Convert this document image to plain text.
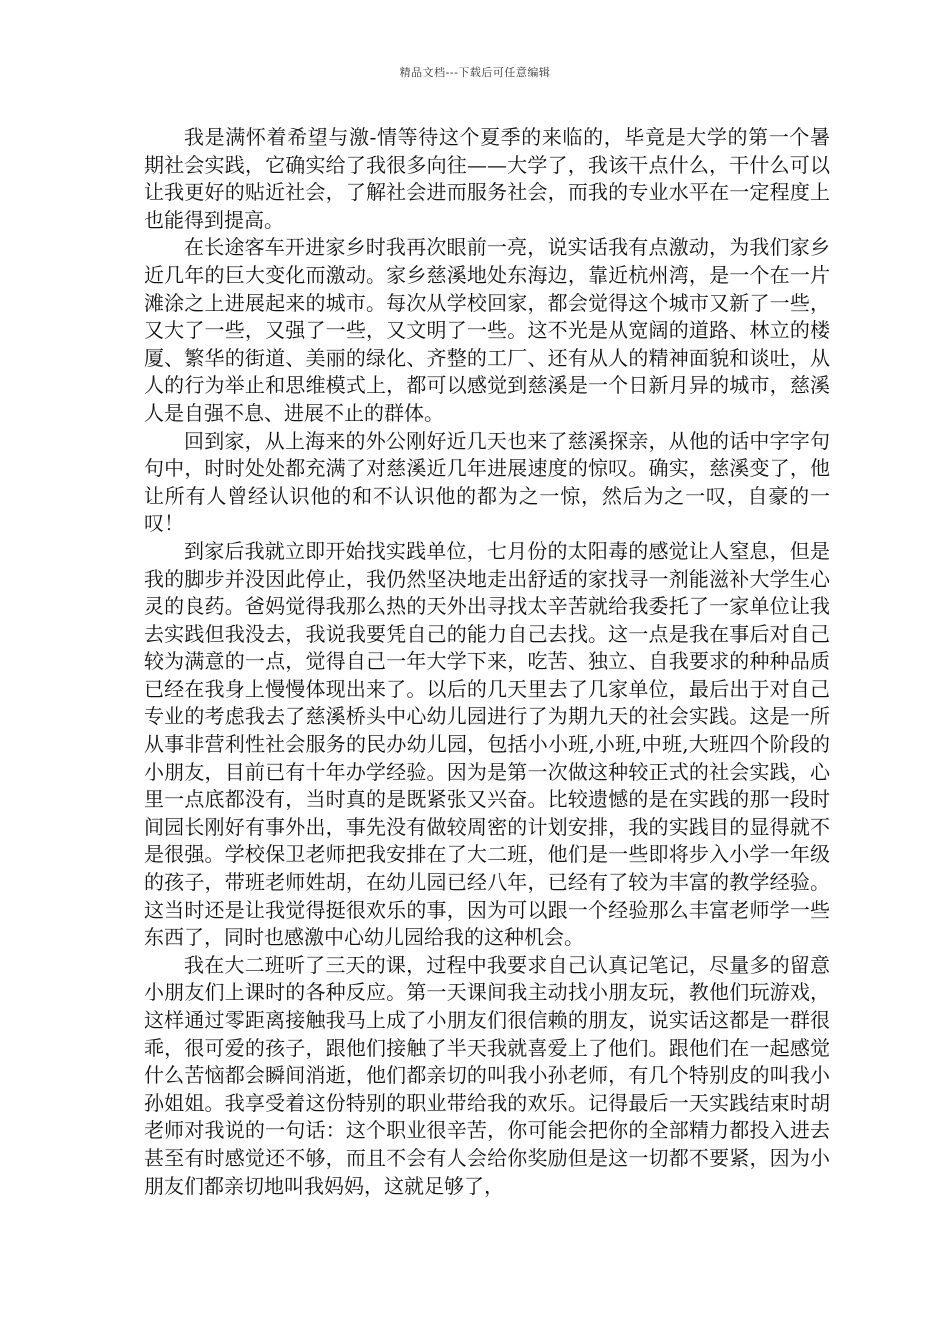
精品文档---下载后可任意编辑

我是满怀着希望与激-情等待这个夏季的来临的，毕竟是大学的第一个暑期社会实践，它确实给了我很多向往——大学了，我该干点什么，干什么可以让我更好的贴近社会，了解社会进而服务社会，而我的专业水平在一定程度上也能得到提高。

在长途客车开进家乡时我再次眼前一亮，说实话我有点激动，为我们家乡近几年的巨大变化而激动。家乡慈溪地处东海边，靠近杭州湾，是一个在一片滩涂之上进展起来的城市。每次从学校回家，都会觉得这个城市又新了一些，又大了一些，又强了一些，又文明了一些。这不光是从宽阔的道路、林立的楼厦、繁华的街道、美丽的绿化、齐整的工厂、还有从人的精神面貌和谈吐，从人的行为举止和思维模式上，都可以感觉到慈溪是一个日新月异的城市，慈溪人是自强不息、进展不止的群体。

回到家，从上海来的外公刚好近几天也来了慈溪探亲，从他的话中字字句句中，时时处处都充满了对慈溪近几年进展速度的惊叹。确实，慈溪变了，他让所有人曾经认识他的和不认识他的都为之一惊，然后为之一叹，自豪的一叹！

到家后我就立即开始找实践单位，七月份的太阳毒的感觉让人窒息，但是我的脚步并没因此停止，我仍然坚决地走出舒适的家找寻一剂能滋补大学生心灵的良药。爸妈觉得我那么热的天外出寻找太辛苦就给我委托了一家单位让我去实践但我没去，我说我要凭自己的能力自己去找。这一点是我在事后对自己较为满意的一点，觉得自己一年大学下来，吃苦、独立、自我要求的种种品质已经在我身上慢慢体现出来了。以后的几天里去了几家单位，最后出于对自己专业的考虑我去了慈溪桥头中心幼儿园进行了为期九天的社会实践。这是一所从事非营利性社会服务的民办幼儿园，包括小小班,小班,中班,大班四个阶段的小朋友，目前已有十年办学经验。因为是第一次做这种较正式的社会实践，心里一点底都没有，当时真的是既紧张又兴奋。比较遗憾的是在实践的那一段时间园长刚好有事外出，事先没有做较周密的计划安排，我的实践目的显得就不是很强。学校保卫老师把我安排在了大二班，他们是一些即将步入小学一年级的孩子，带班老师姓胡，在幼儿园已经八年，已经有了较为丰富的教学经验。这当时还是让我觉得挺很欢乐的事，因为可以跟一个经验那么丰富老师学一些东西了，同时也感激中心幼儿园给我的这种机会。

我在大二班听了三天的课，过程中我要求自己认真记笔记，尽量多的留意小朋友们上课时的各种反应。第一天课间我主动找小朋友玩，教他们玩游戏，这样通过零距离接触我马上成了小朋友们很信赖的朋友，说实话这都是一群很乖，很可爱的孩子，跟他们接触了半天我就喜爱上了他们。跟他们在一起感觉什么苦恼都会瞬间消逝，他们都亲切的叫我小孙老师，有几个特别皮的叫我小孙姐姐。我享受着这份特别的职业带给我的欢乐。记得最后一天实践结束时胡老师对我说的一句话：这个职业很辛苦，你可能会把你的全部精力都投入进去甚至有时感觉还不够，而且不会有人会给你奖励但是这一切都不要紧，因为小朋友们都亲切地叫我妈妈，这就足够了，
